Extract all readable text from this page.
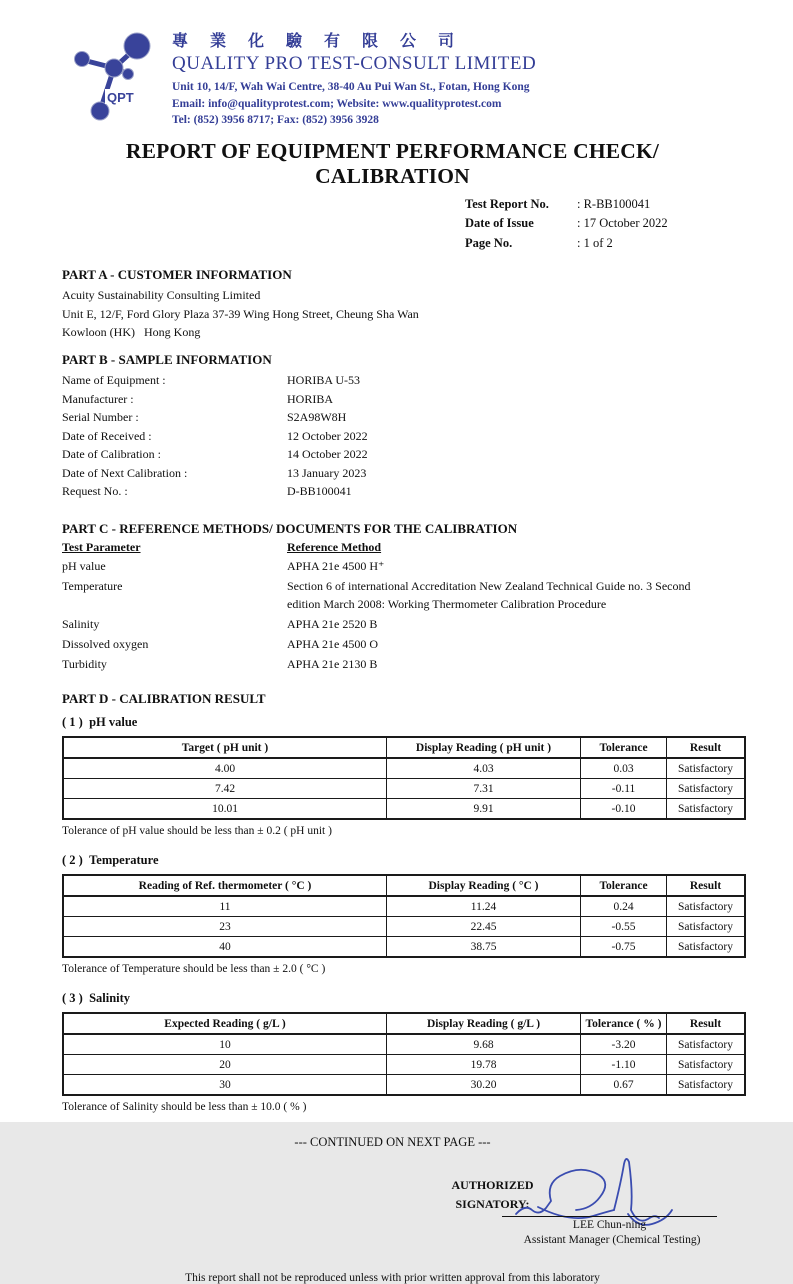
QPT
專 業 化 驗 有 限 公 司
QUALITY PRO TEST-CONSULT LIMITED
Unit 10, 14/F, Wah Wai Centre, 38-40 Au Pui Wan St., Fotan, Hong Kong
Email: info@qualityprotest.com; Website: www.qualityprotest.com
Tel: (852) 3956 8717; Fax: (852) 3956 3928
REPORT OF EQUIPMENT PERFORMANCE CHECK/ CALIBRATION
Test Report No.	: R-BB100041
Date of Issue	: 17 October 2022
Page No.	: 1 of 2
PART A - CUSTOMER INFORMATION
Acuity Sustainability Consulting Limited
Unit E, 12/F, Ford Glory Plaza 37-39 Wing Hong Street, Cheung Sha Wan
Kowloon (HK)   Hong Kong
PART B - SAMPLE INFORMATION
Name of Equipment :	HORIBA U-53
Manufacturer :	HORIBA
Serial Number :	S2A98W8H
Date of Received :	12 October 2022
Date of Calibration :	14 October 2022
Date of Next Calibration :	13 January 2023
Request No. :	D-BB100041
PART C - REFERENCE METHODS/ DOCUMENTS FOR THE CALIBRATION
Test Parameter	Reference Method
pH value	APHA 21e 4500 H⁺
Temperature	Section 6 of international Accreditation New Zealand Technical Guide no. 3 Second edition March 2008: Working Thermometer Calibration Procedure
Salinity	APHA 21e 2520 B
Dissolved oxygen	APHA 21e 4500 O
Turbidity	APHA 21e 2130 B
PART D - CALIBRATION RESULT
( 1 )  pH value
Target ( pH unit )	Display Reading ( pH unit )	Tolerance	Result
4.00	4.03	0.03	Satisfactory
7.42	7.31	-0.11	Satisfactory
10.01	9.91	-0.10	Satisfactory
Tolerance of pH value should be less than ± 0.2 ( pH unit )
( 2 )  Temperature
Reading of Ref. thermometer ( °C )	Display Reading ( °C )	Tolerance	Result
11	11.24	0.24	Satisfactory
23	22.45	-0.55	Satisfactory
40	38.75	-0.75	Satisfactory
Tolerance of Temperature should be less than ± 2.0 ( °C )
( 3 )  Salinity
Expected Reading ( g/L )	Display Reading ( g/L )	Tolerance ( % )	Result
10	9.68	-3.20	Satisfactory
20	19.78	-1.10	Satisfactory
30	30.20	0.67	Satisfactory
Tolerance of Salinity should be less than ± 10.0 ( % )
--- CONTINUED ON NEXT PAGE ---
AUTHORIZED
SIGNATORY:
LEE Chun-ning
Assistant Manager (Chemical Testing)
This report shall not be reproduced unless with prior written approval from this laboratory
